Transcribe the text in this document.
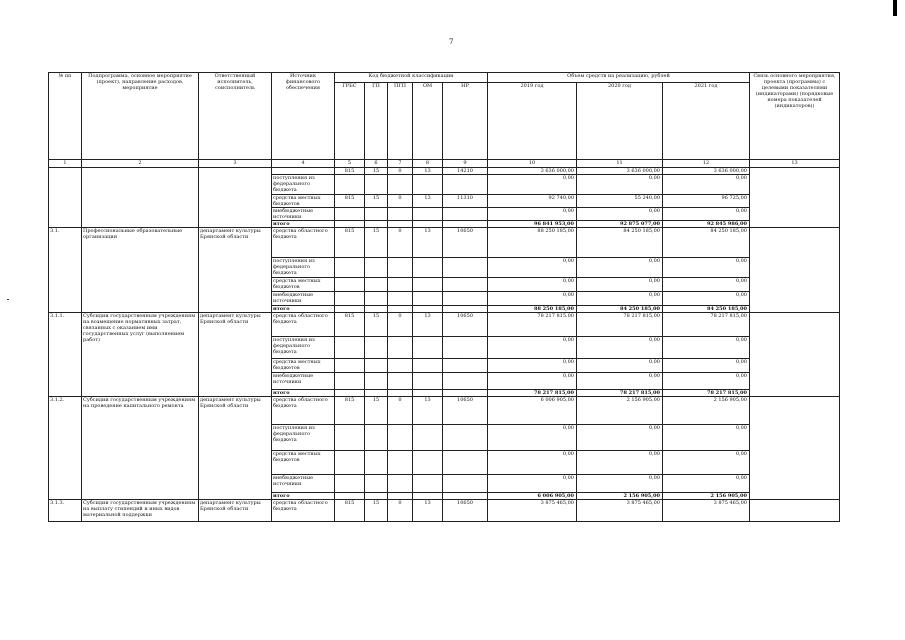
7
№ пп	Подпрограмма, основное мероприятие (проект), направление расходов, мероприятие	Ответственный исполнитель, соисполнитель	Источник финансового обеспечения	Код бюджетной классификации					Объем средств на реализацию, рублей			Связь основного мероприятия, проекта (программы) с целевыми показателями (индикаторами) (порядковые номера показателей (индикаторов))
				ГРБС	ГП	ПГП	ОМ	НР	2019 год	2020 год	2021 год	
1	2	3	4	5	6	7	8	9	10	11	12	13
				815	15	0	13	14210	3 636 000,00	3 636 000,00	3 636 000,00	
			поступления из федерального бюджета						0,00	0,00	0,00	
			средства местных бюджетов	815	15	0	13	11310	92 740,00	55 240,00	96 725,00	
			внебюджетные источники						0,00	0,00	0,00	
			итого						96 841 953,00	92 875 077,00	92 845 986,00	
3.1.	Профессиональные образовательные организации	департамент культуры Брянской области	средства областного бюджета	815	15	0	13	10650	88 250 185,00	84 250 185,00	84 250 185,00	
			поступления из федерального бюджета						0,00	0,00	0,00	
			средства местных бюджетов						0,00	0,00	0,00	
			внебюджетные источники						0,00	0,00	0,00	
			итого						88 250 185,00	84 250 185,00	84 250 185,00	
3.1.1.	Субсидии государственным учреждениям на возмещение нормативных затрат, связанных с оказанием ими государственных услуг (выполнением работ)	департамент культуры Брянской области	средства областного бюджета	815	15	0	13	10650	78 217 815,00	78 217 815,00	78 217 815,00	
			поступления из федерального бюджета						0,00	0,00	0,00	
			средства местных бюджетов						0,00	0,00	0,00	
			внебюджетные источники						0,00	0,00	0,00	
			итого						78 217 815,00	78 217 815,00	78 217 815,00	
3.1.2.	Субсидии государственным учреждениям на проведение капитального ремонта	департамент культуры Брянской области	средства областного бюджета	815	15	0	13	10650	6 006 905,00	2 156 905,00	2 156 905,00	
			поступления из федерального бюджета						0,00	0,00	0,00	
			средства местных бюджетов						0,00	0,00	0,00	
			внебюджетные источники						0,00	0,00	0,00	
			итого						6 006 905,00	2 156 905,00	2 156 905,00	
3.1.3.	Субсидии государственным учреждениям на выплату стипендий и иных видов материальной поддержки	департамент культуры Брянской области	средства областного бюджета	815	15	0	13	10650	3 875 465,00	3 875 465,00	3 875 465,00	
